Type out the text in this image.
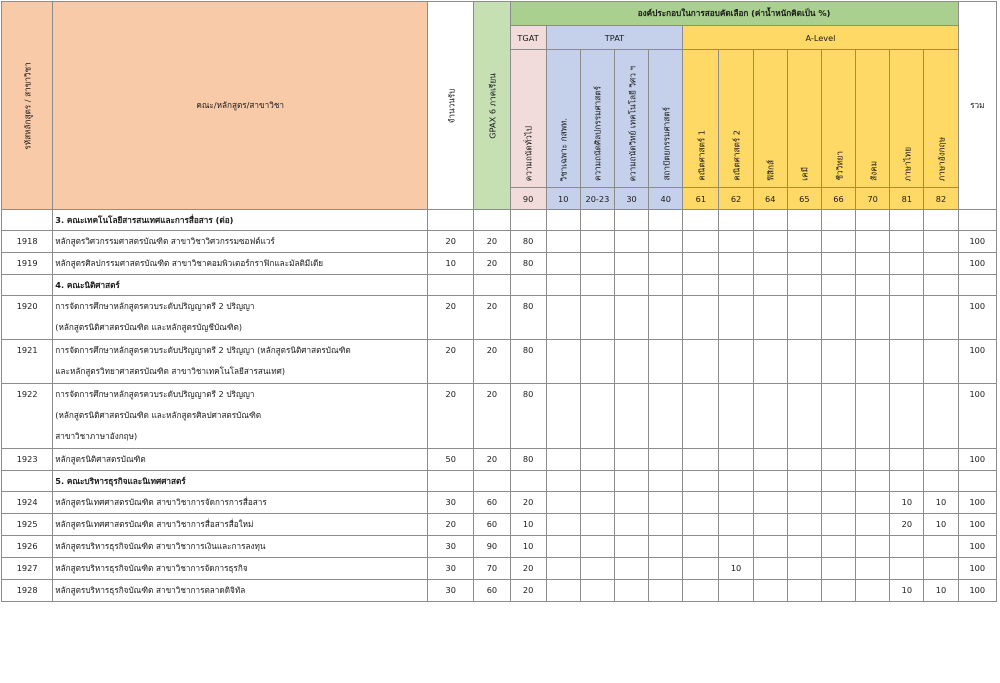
รหัสหลักสูตร / สาขาวิชา	คณะ/หลักสูตร/สาขาวิชา	จำนวนรับ	GPAX 6 ภาคเรียน	องค์ประกอบในการสอบคัดเลือก (ค่าน้ำหนักคิดเป็น %)													รวม
				TGAT	TPAT				A-Level								

				ความถนัดทั่วไป	วิชาเฉพาะ กสพท.	ความถนัดศิลปกรรมศาสตร์	ความถนัดวิทย์ เทคโนโลยี วิศว ฯ	สถาปัตยกรรมศาสตร์	คณิตศาสตร์ 1	คณิตศาสตร์ 2	ฟิสิกส์	เคมี	ชีววิทยา	สังคม	ภาษาไทย	ภาษาอังกฤษ	

				90	10	20-23	30	40	61	62	64	65	66	70	81	82	
	3. คณะเทคโนโลยีสารสนเทศและการสื่อสาร (ต่อ)																
1918	หลักสูตรวิศวกรรมศาสตรบัณฑิต สาขาวิชาวิศวกรรมซอฟต์แวร์	20	20	80													100
1919	หลักสูตรศิลปกรรมศาสตรบัณฑิต สาขาวิชาคอมพิวเตอร์กราฟิกและมัลติมีเดีย	10	20	80													100
	4. คณะนิติศาสตร์																
1920	การจัดการศึกษาหลักสูตรควบระดับปริญญาตรี 2 ปริญญา
(หลักสูตรนิติศาสตรบัณฑิต และหลักสูตรบัญชีบัณฑิต)	20	20	80													100
1921	การจัดการศึกษาหลักสูตรควบระดับปริญญาตรี 2 ปริญญา (หลักสูตรนิติศาสตรบัณฑิต
และหลักสูตรวิทยาศาสตรบัณฑิต สาขาวิชาเทคโนโลยีสารสนเทศ)	20	20	80													100
1922	การจัดการศึกษาหลักสูตรควบระดับปริญญาตรี 2 ปริญญา
(หลักสูตรนิติศาสตรบัณฑิต และหลักสูตรศิลปศาสตรบัณฑิต
สาขาวิชาภาษาอังกฤษ)	20	20	80													100
1923	หลักสูตรนิติศาสตรบัณฑิต	50	20	80													100
	5. คณะบริหารธุรกิจและนิเทศศาสตร์																
1924	หลักสูตรนิเทศศาสตรบัณฑิต สาขาวิชาการจัดการการสื่อสาร	30	60	20											10	10	100
1925	หลักสูตรนิเทศศาสตรบัณฑิต สาขาวิชาการสื่อสารสื่อใหม่	20	60	10											20	10	100
1926	หลักสูตรบริหารธุรกิจบัณฑิต สาขาวิชาการเงินและการลงทุน	30	90	10													100
1927	หลักสูตรบริหารธุรกิจบัณฑิต สาขาวิชาการจัดการธุรกิจ	30	70	20						10							100
1928	หลักสูตรบริหารธุรกิจบัณฑิต สาขาวิชาการตลาดดิจิทัล	30	60	20											10	10	100
